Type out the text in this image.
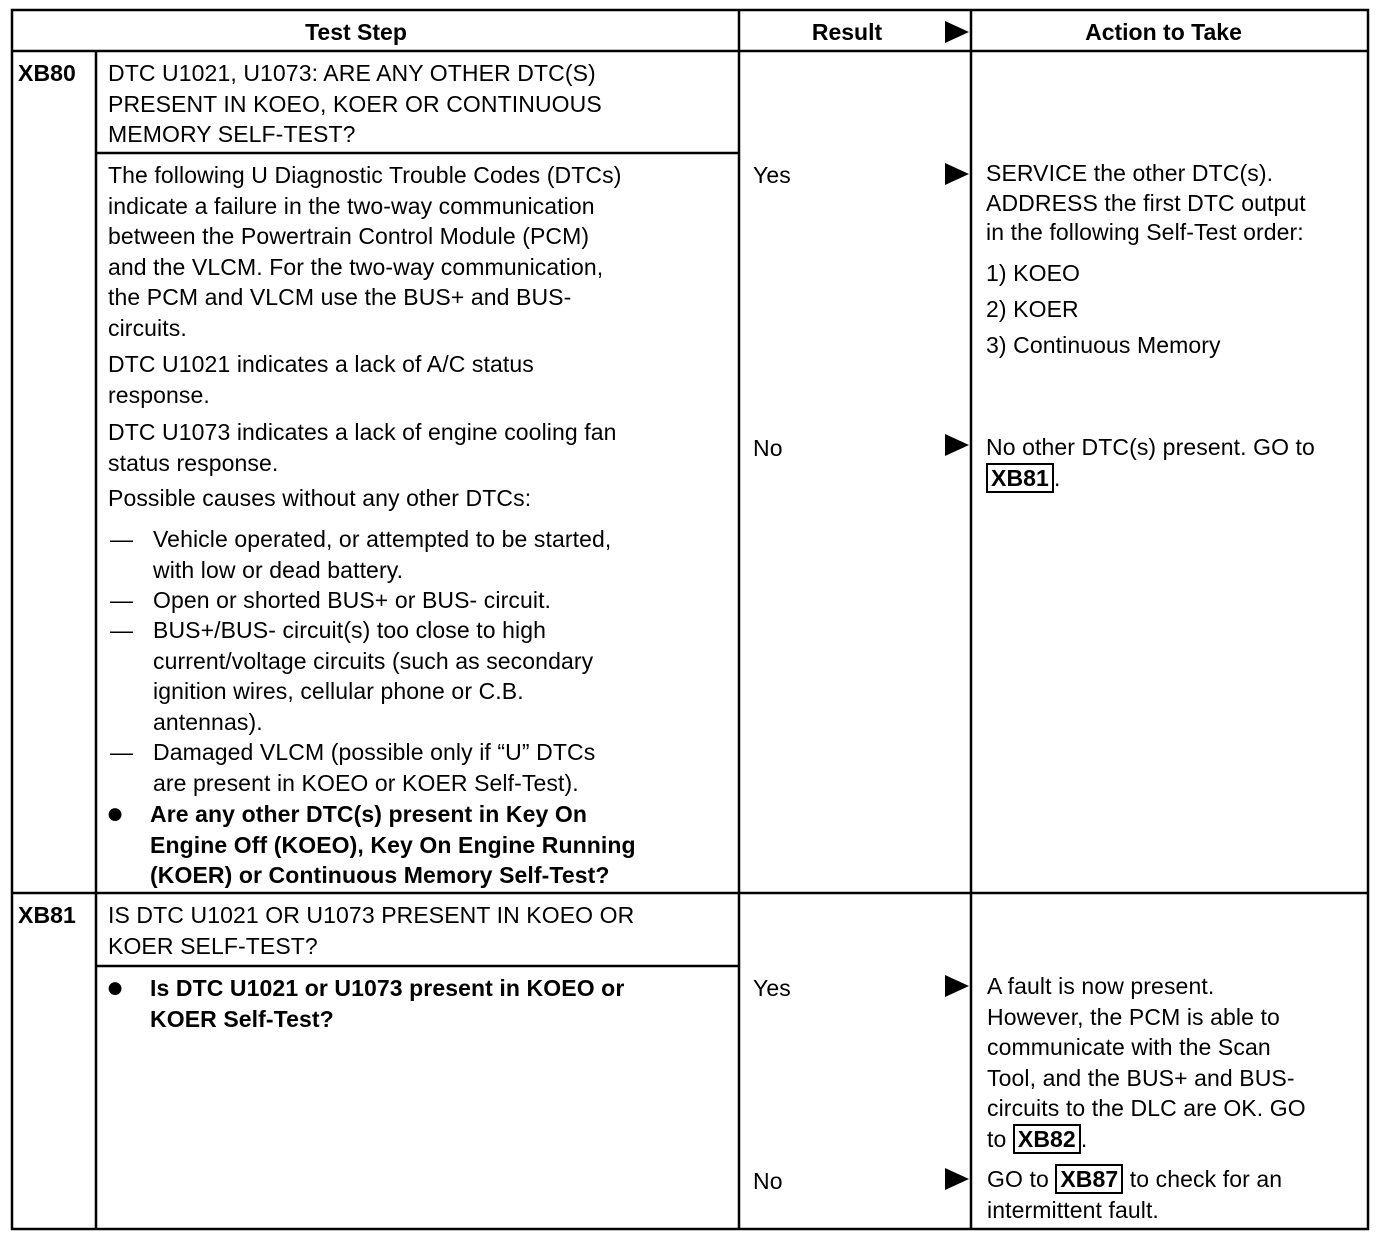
Test Step	Result	Action to Take
XB80 DTC U1021, U1073: ARE ANY OTHER DTC(S)
PRESENT IN KOEO, KOER OR CONTINUOUS
MEMORY SELF-TEST?
The following U Diagnostic Trouble Codes (DTCs)
indicate a failure in the two-way communication
between the Powertrain Control Module (PCM)
and the VLCM. For the two-way communication,
the PCM and VLCM use the BUS+ and BUS-
circuits.
DTC U1021 indicates a lack of A/C status
response.
DTC U1073 indicates a lack of engine cooling fan
status response.
Possible causes without any other DTCs:
— Vehicle operated, or attempted to be started,
with low or dead battery.
— Open or shorted BUS+ or BUS- circuit.
— BUS+/BUS- circuit(s) too close to high
current/voltage circuits (such as secondary
ignition wires, cellular phone or C.B.
antennas).
— Damaged VLCM (possible only if “U” DTCs
are present in KOEO or KOER Self-Test).
● Are any other DTC(s) present in Key On
Engine Off (KOEO), Key On Engine Running
(KOER) or Continuous Memory Self-Test?
Yes	SERVICE the other DTC(s).
ADDRESS the first DTC output
in the following Self-Test order:
1) KOEO
2) KOER
3) Continuous Memory
No	No other DTC(s) present. GO to
XB81 .
XB81 IS DTC U1021 OR U1073 PRESENT IN KOEO OR
KOER SELF-TEST?
● Is DTC U1021 or U1073 present in KOEO or
KOER Self-Test?
Yes	A fault is now present.
However, the PCM is able to
communicate with the Scan
Tool, and the BUS+ and BUS-
circuits to the DLC are OK. GO
to XB82 .
No	GO to XB87 to check for an
intermittent fault.
